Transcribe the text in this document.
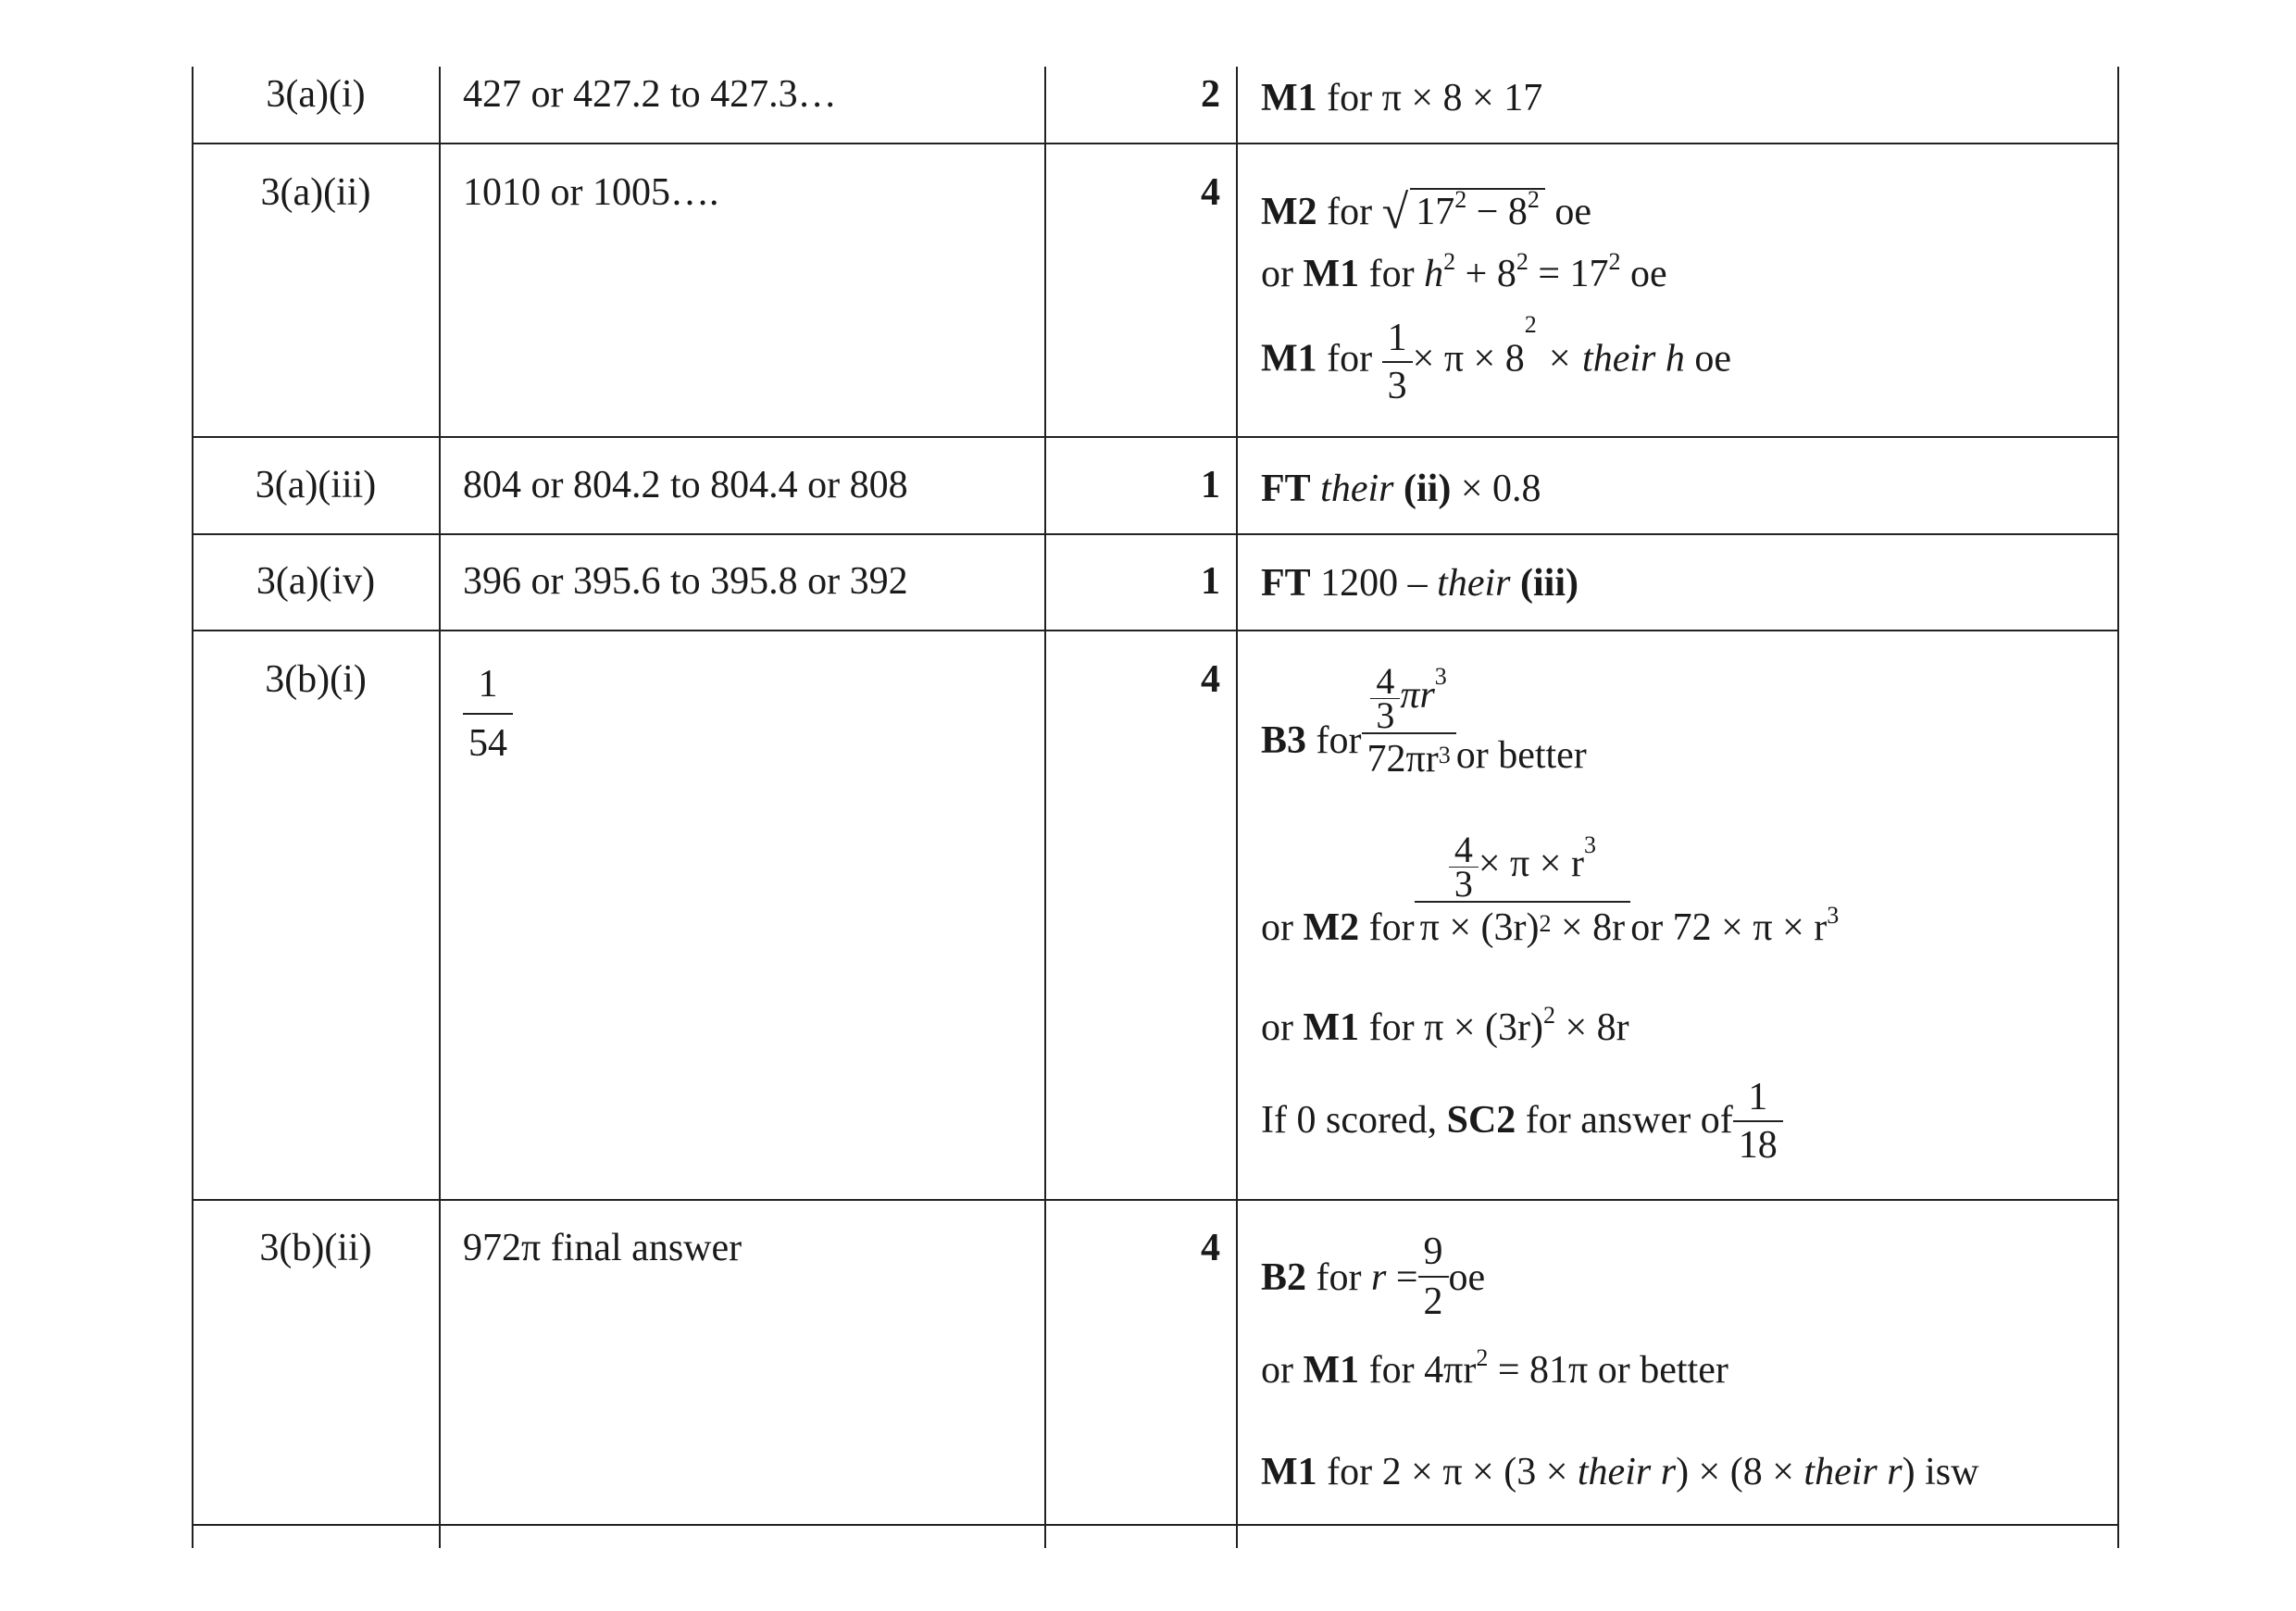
3(a)(i)	427 or 427.2 to 427.3…	2 M1 for π × 8 × 17
3(a)(ii)	1010 or 1005….	4 M2 for √ $17^2 - 8^2$ oe
or M1 for $h^2 + 8^2 = 17^2$ oe
M1 for $\frac{1}{3} \times \pi \times 8^2$ × their h oe
3(a)(iii)	804 or 804.2 to 804.4 or 808	1 FT their (ii) × 0.8
3(a)(iv)	396 or 395.6 to 395.8 or 392	1 FT 1200 – their (iii)
3(b)(i)	$\frac{1}{54}$	4
B3 for $\frac{\frac{4}{3} \pi r^3}{72\pi r^3}$ or better
or M2 for $\frac{\frac{4}{3} \times \pi \times r^3}{\pi \times (3r)^2 \times 8r}$ or $72 \times \pi \times r^3$
or M1 for $\pi \times (3r)^2 \times 8r$
If 0 scored, SC2 for answer of $\frac{1}{18}$
3(b)(ii)	972π final answer	4
B2 for $r = \frac{9}{2}$ oe
or M1 for $4\pi r^2 = 81\pi$ or better
M1 for 2 × π × (3 × their r) × (8 × their r) isw
